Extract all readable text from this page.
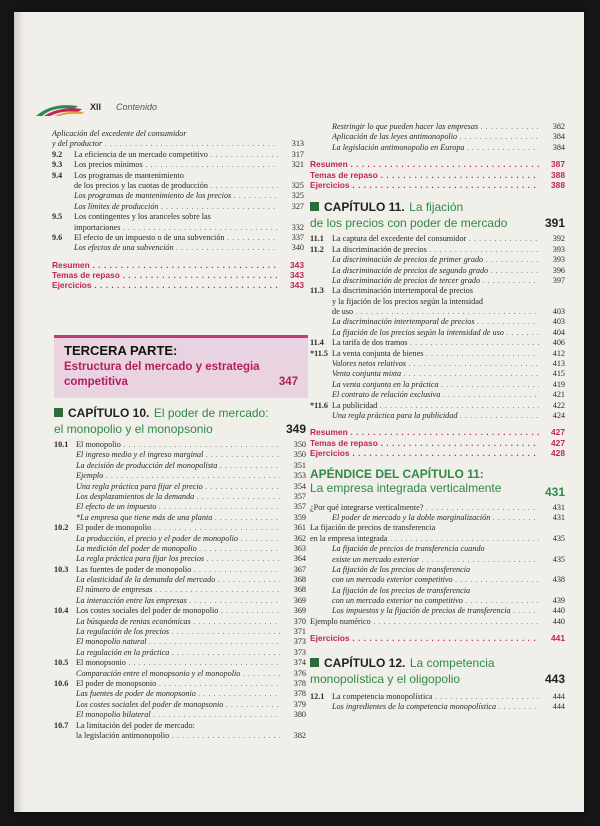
XII Contenido
Aplicación del excedente del consumidor
y del productor . . .	313
9.2 La eficiencia de un mercado competitivo . . .	317
9.3 Los precios mínimos . . .	321
9.4 Los programas de mantenimiento
de los precios y las cuotas de producción . . .	325
Los programas de mantenimiento de los precios . . .	325
Los límites de producción . . .	327
9.5 Los contingentes y los aranceles sobre las
importaciones . . .	332
9.6 El efecto de un impuesto o de una subvención . . .	337
Los efectos de una subvención . . .	340
Resumen . . .	343
Temas de repaso . . .	343
Ejercicios . . .	343
TERCERA PARTE:
Estructura del mercado y estrategia
competitiva	347
CAPÍTULO 10. El poder de mercado:
el monopolio y el monopsonio	349
10.1 El monopolio . . .	350
El ingreso medio y el ingreso marginal . . .	350
La decisión de producción del monopolista . . .	351
Ejemplo . . .	353
Una regla práctica para fijar el precio . . .	354
Los desplazamientos de la demanda . . .	357
El efecto de un impuesto . . .	357
*La empresa que tiene más de una planta . . .	359
10.2 El poder de monopolio . . .	361
La producción, el precio y el poder de monopolio . . .	362
La medición del poder de monopolio . . .	363
La regla práctica para fijar los precios . . .	364
10.3 Las fuentes de poder de monopolio . . .	367
La elasticidad de la demanda del mercado . . .	368
El número de empresas . . .	368
La interacción entre las empresas . . .	369
10.4 Los costes sociales del poder de monopolio . . .	369
La búsqueda de rentas económicas . . .	370
La regulación de los precios . . .	371
El monopolio natural . . .	373
La regulación en la práctica . . .	373
10.5 El monopsonio . . .	374
Comparación entre el monopsonio y el monopolio . . .	376
10.6 El poder de monopsonio . . .	378
Las fuentes de poder de monopsonio . . .	378
Los costes sociales del poder de monopsonio . . .	379
El monopolio bilateral . . .	380
10.7 La limitación del poder de mercado:
la legislación antimonopolio . . .	382
Restringir lo que pueden hacer las empresas . . .	382
Aplicación de las leyes antimonopolio . . .	384
La legislación antimonopolio en Europa . . .	384
Resumen . . .	387
Temas de repaso . . .	388
Ejercicios . . .	388
CAPÍTULO 11. La fijación
de los precios con poder de mercado	391
11.1 La captura del excedente del consumidor . . .	392
11.2 La discriminación de precios . . .	393
La discriminación de precios de primer grado . . .	393
La discriminación de precios de segundo grado . . .	396
La discriminación de precios de tercer grado . . .	397
11.3 La discriminación intertemporal de precios
y la fijación de los precios según la intensidad
de uso . . .	403
La discriminación intertemporal de precios . . .	403
La fijación de los precios según la intensidad de uso . . .	404
11.4 La tarifa de dos tramos . . .	406
*11.5 La venta conjunta de bienes . . .	412
Valores netos relativos . . .	413
Venta conjunta mixta . . .	415
La venta conjunta en la práctica . . .	419
El contrato de relación exclusiva . . .	421
*11.6 La publicidad . . .	422
Una regla práctica para la publicidad . . .	424
Resumen . . .	427
Temas de repaso . . .	427
Ejercicios . . .	428
APÉNDICE DEL CAPÍTULO 11:
La empresa integrada verticalmente	431
¿Por qué integrarse verticalmente? . . .	431
El poder de mercado y la doble marginalización . . .	431
La fijación de precios de transferencia
en la empresa integrada . . .	435
La fijación de precios de transferencia cuando
existe un mercado exterior . . .	435
La fijación de los precios de transferencia
con un mercado exterior competitivo . . .	438
La fijación de los precios de transferencia
con un mercado exterior no competitivo . . .	439
Los impuestos y la fijación de precios de transferencia . . .	440
Ejemplo numérico . . .	440
Ejercicios . . .	441
CAPÍTULO 12. La competencia
monopolística y el oligopolio	443
12.1 La competencia monopolística . . .	444
Los ingredientes de la competencia monopolística . . .	444
